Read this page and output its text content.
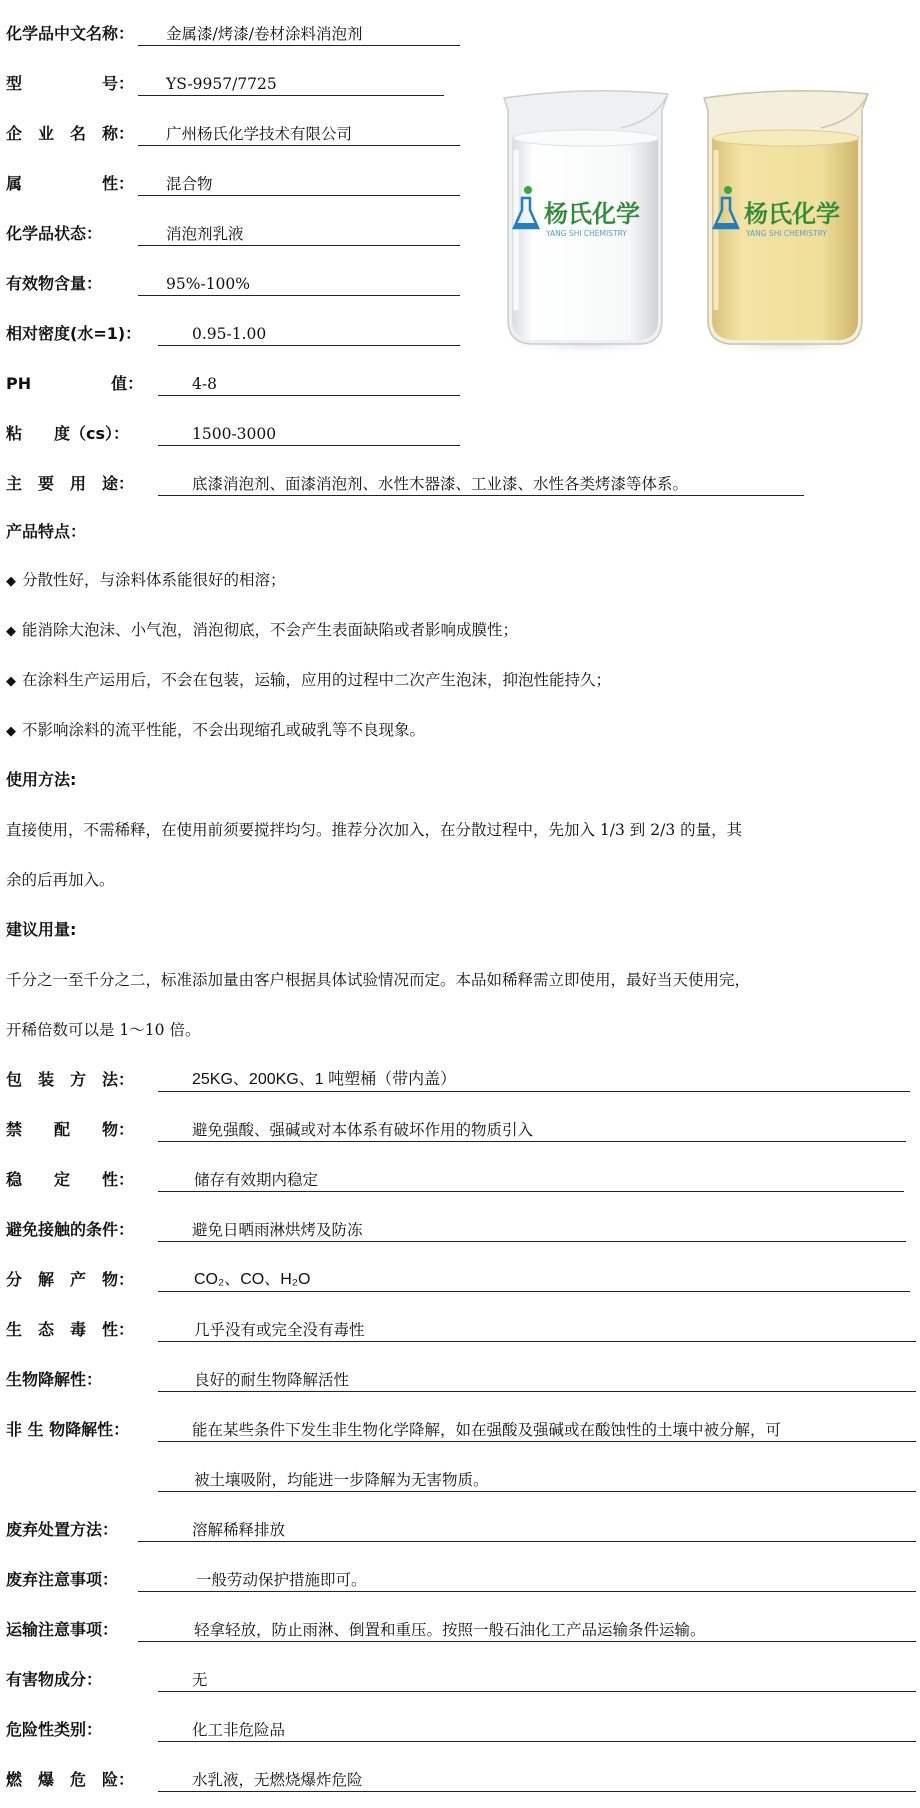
化学品中文名称：	金属漆/烤漆/卷材涂料消泡剂
型　　　　　号：	YS-9957/7725
企　业　名　称：	广州杨氏化学技术有限公司
属　　　　　性：	混合物
化学品状态：	消泡剂乳液
有效物含量：	95%-100%
相对密度(水=1)：	0.95-1.00
PH　　　　　值：	4-8
粘　　度（cs）：	1500-3000
主　要　用　途：	底漆消泡剂、面漆消泡剂、水性木器漆、工业漆、水性各类烤漆等体系。
杨氏化学
YANG SHI CHEMISTRY
杨氏化学
YANG SHI CHEMISTRY
产品特点：
◆ 分散性好，与涂料体系能很好的相溶；
◆ 能消除大泡沫、小气泡，消泡彻底，不会产生表面缺陷或者影响成膜性；
◆ 在涂料生产运用后，不会在包装，运输，应用的过程中二次产生泡沫，抑泡性能持久；
◆ 不影响涂料的流平性能，不会出现缩孔或破乳等不良现象。
使用方法:
直接使用，不需稀释，在使用前须要搅拌均匀。推荐分次加入，在分散过程中，先加入 1/3 到 2/3 的量，其
余的后再加入。
建议用量:
千分之一至千分之二，标准添加量由客户根据具体试验情况而定。本品如稀释需立即使用，最好当天使用完，
开稀倍数可以是 1～10 倍。
包　装　方　法：	25KG、200KG、1 吨塑桶（带内盖）
禁　　配　　物：	避免强酸、强碱或对本体系有破坏作用的物质引入
稳　　定　　性：	储存有效期内稳定
避免接触的条件：	避免日晒雨淋烘烤及防冻
分　解　产　物：	CO₂、CO、H₂O
生　态　毒　性：	几乎没有或完全没有毒性
生物降解性：	良好的耐生物降解活性
非 生 物降解性：	能在某些条件下发生非生物化学降解，如在强酸及强碱或在酸蚀性的土壤中被分解，可
被土壤吸附，均能进一步降解为无害物质。
废弃处置方法：	溶解稀释排放
废弃注意事项：	一般劳动保护措施即可。
运输注意事项：	轻拿轻放，防止雨淋、倒置和重压。按照一般石油化工产品运输条件运输。
有害物成分：	无
危险性类别：	化工非危险品
燃　爆　危　险：	水乳液，无燃烧爆炸危险
